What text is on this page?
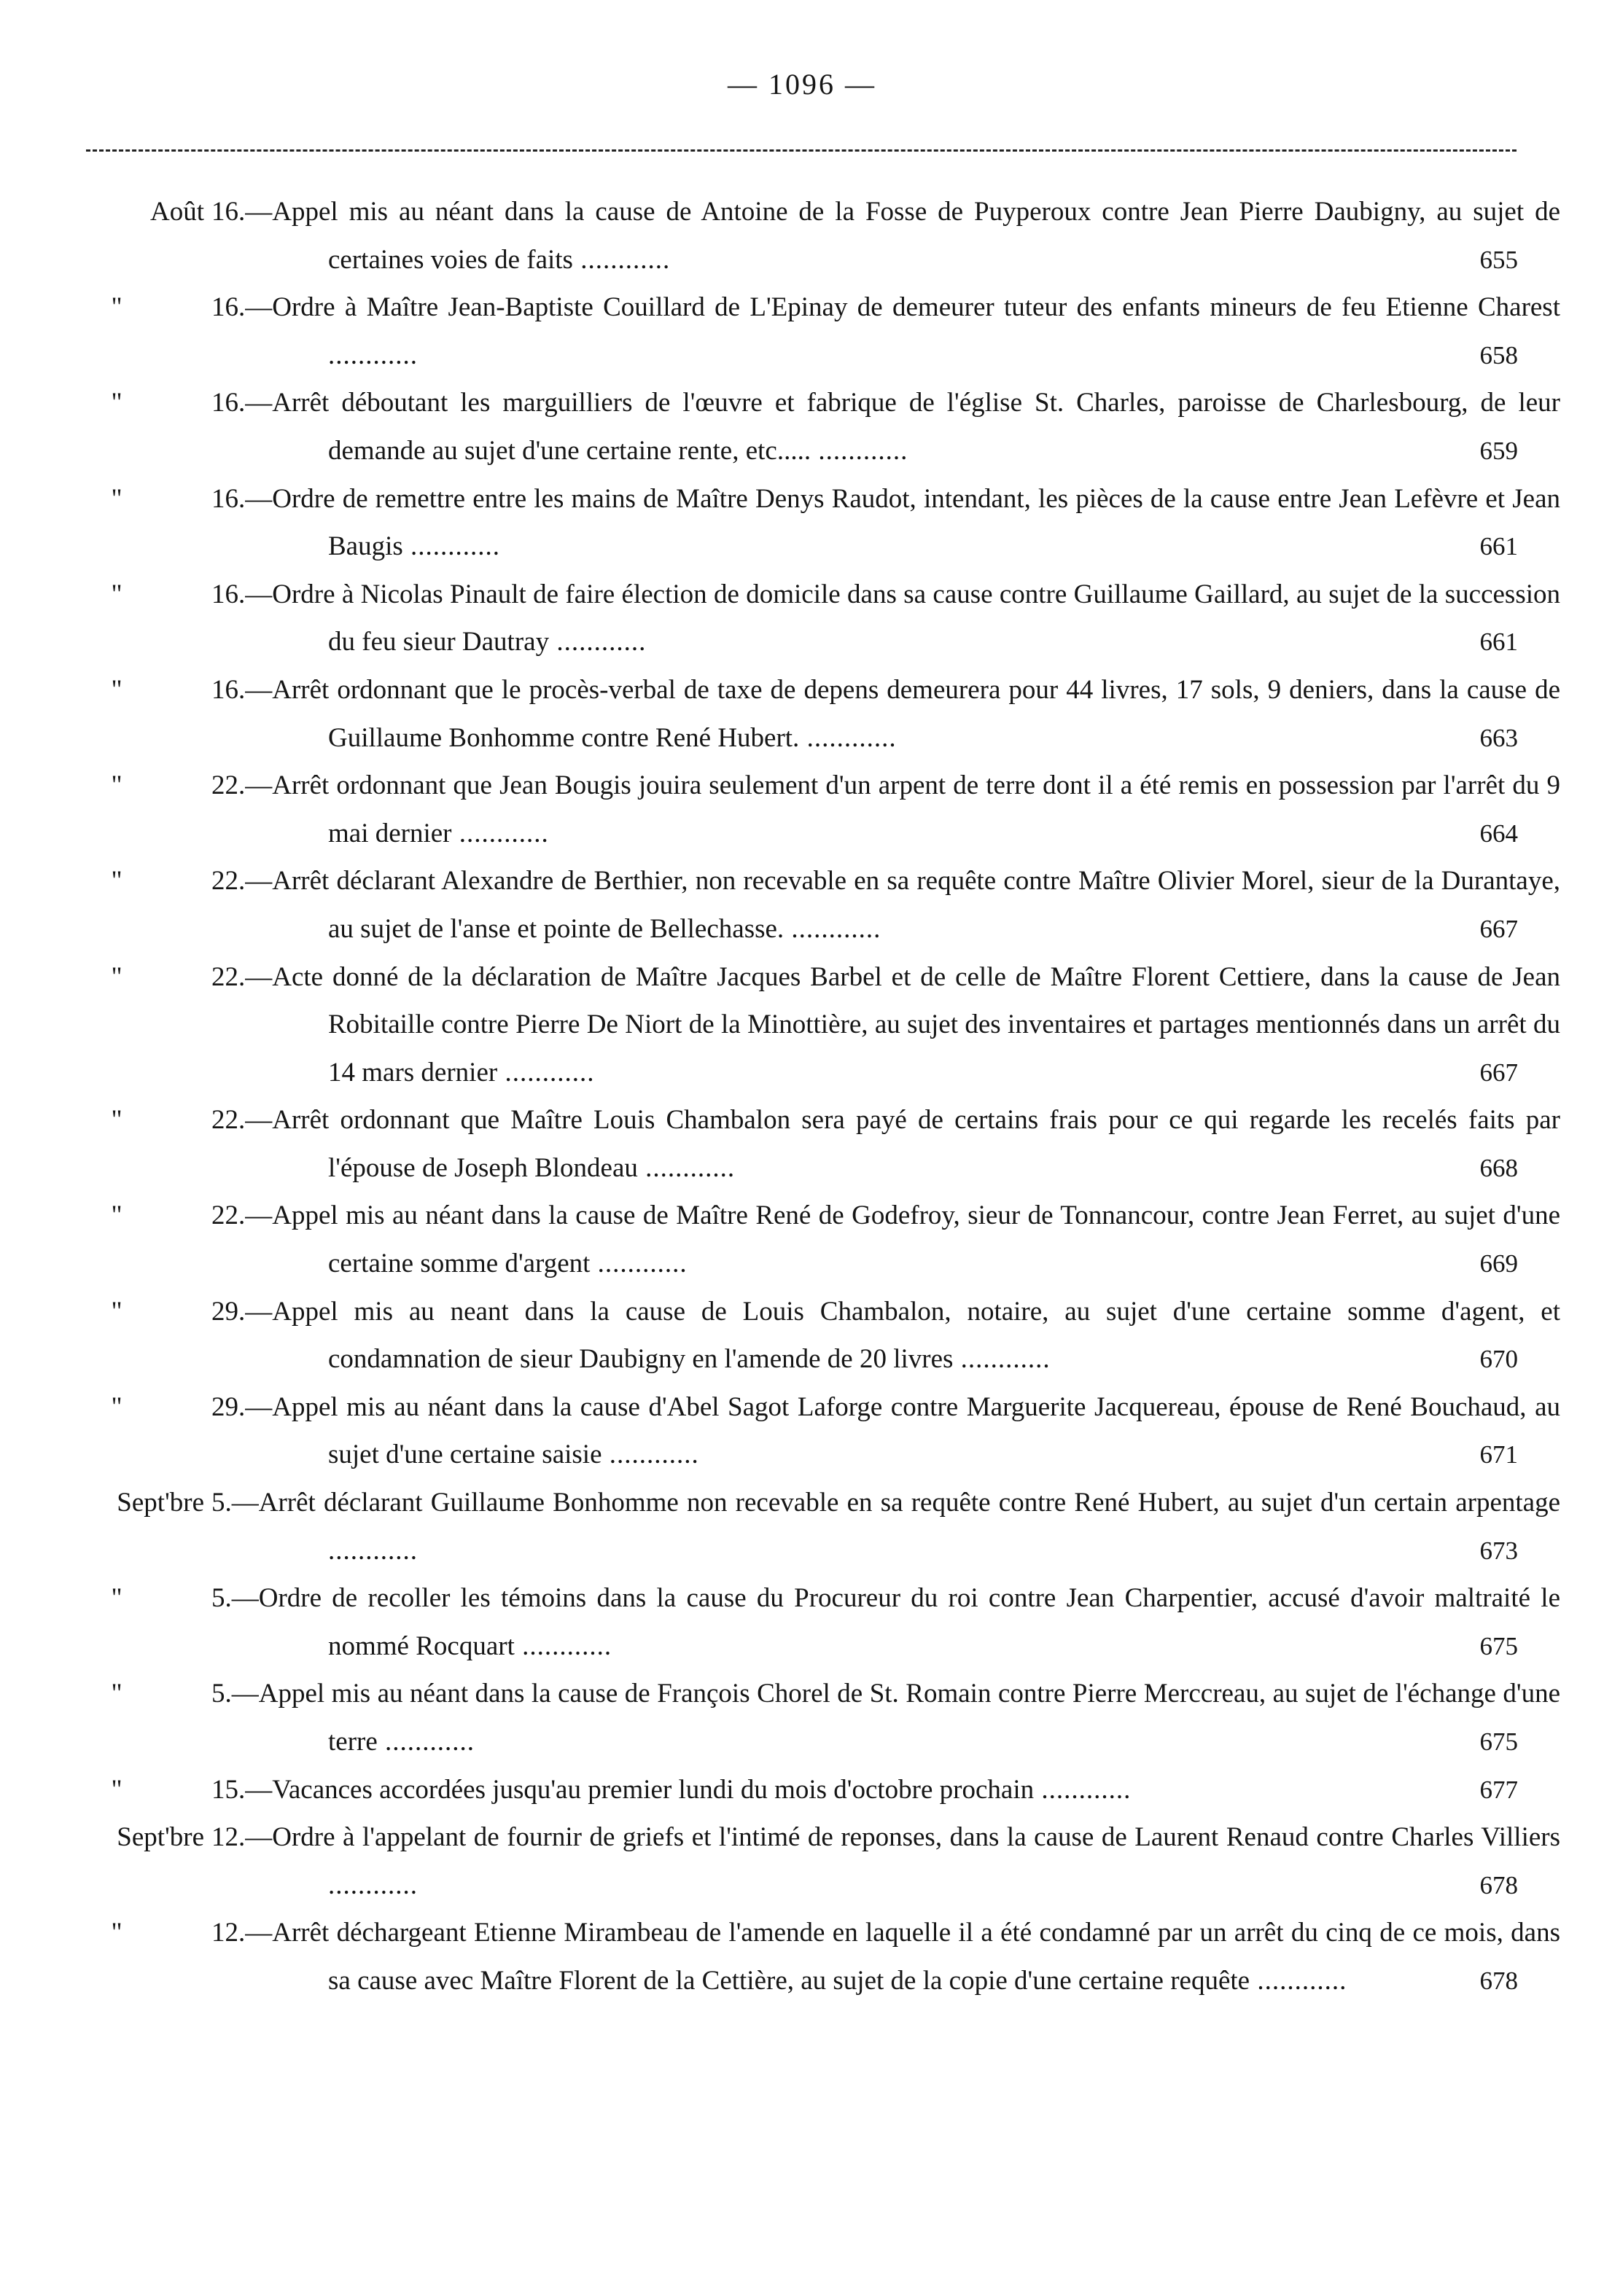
— 1096 —
Août 16.—Appel mis au néant dans la cause de Antoine de la Fosse de Puyperoux contre Jean Pierre Daubigny, au sujet de certaines voies de faits ............	655
"	16.—Ordre à Maître Jean-Baptiste Couillard de L'Epinay de demeurer tuteur des enfants mineurs de feu Etienne Charest ............	658
"	16.—Arrêt déboutant les marguilliers de l'œuvre et fabrique de l'église St. Charles, paroisse de Charlesbourg, de leur demande au sujet d'une certaine rente, etc..... ............	659
"	16.—Ordre de remettre entre les mains de Maître Denys Raudot, intendant, les pièces de la cause entre Jean Lefèvre et Jean Baugis ............	661
"	16.—Ordre à Nicolas Pinault de faire élection de domicile dans sa cause contre Guillaume Gaillard, au sujet de la succession du feu sieur Dautray ............	661
"	16.—Arrêt ordonnant que le procès-verbal de taxe de depens demeurera pour 44 livres, 17 sols, 9 deniers, dans la cause de Guillaume Bonhomme contre René Hubert. ............	663
"	22.—Arrêt ordonnant que Jean Bougis jouira seulement d'un arpent de terre dont il a été remis en possession par l'arrêt du 9 mai dernier ............	664
"	22.—Arrêt déclarant Alexandre de Berthier, non recevable en sa requête contre Maître Olivier Morel, sieur de la Durantaye, au sujet de l'anse et pointe de Bellechasse. ............	667
"	22.—Acte donné de la déclaration de Maître Jacques Barbel et de celle de Maître Florent Cettiere, dans la cause de Jean Robitaille contre Pierre De Niort de la Minottière, au sujet des inventaires et partages mentionnés dans un arrêt du 14 mars dernier ............	667
"	22.—Arrêt ordonnant que Maître Louis Chambalon sera payé de certains frais pour ce qui regarde les recelés faits par l'épouse de Joseph Blondeau ............	668
"	22.—Appel mis au néant dans la cause de Maître René de Godefroy, sieur de Tonnancour, contre Jean Ferret, au sujet d'une certaine somme d'argent ............	669
"	29.—Appel mis au neant dans la cause de Louis Chambalon, notaire, au sujet d'une certaine somme d'agent, et condamnation de sieur Daubigny en l'amende de 20 livres ............	670
"	29.—Appel mis au néant dans la cause d'Abel Sagot Laforge contre Marguerite Jacquereau, épouse de René Bouchaud, au sujet d'une certaine saisie ............	671
Sept'bre 5.—Arrêt déclarant Guillaume Bonhomme non recevable en sa requête contre René Hubert, au sujet d'un certain arpentage ............	673
"	5.—Ordre de recoller les témoins dans la cause du Procureur du roi contre Jean Charpentier, accusé d'avoir maltraité le nommé Rocquart ............	675
"	5.—Appel mis au néant dans la cause de François Chorel de St. Romain contre Pierre Merccreau, au sujet de l'échange d'une terre ............	675
"	15.—Vacances accordées jusqu'au premier lundi du mois d'octobre prochain ............	677
Sept'bre 12.—Ordre à l'appelant de fournir de griefs et l'intimé de reponses, dans la cause de Laurent Renaud contre Charles Villiers ............	678
"	12.—Arrêt déchargeant Etienne Mirambeau de l'amende en laquelle il a été condamné par un arrêt du cinq de ce mois, dans sa cause avec Maître Florent de la Cettière, au sujet de la copie d'une certaine requête ............	678
